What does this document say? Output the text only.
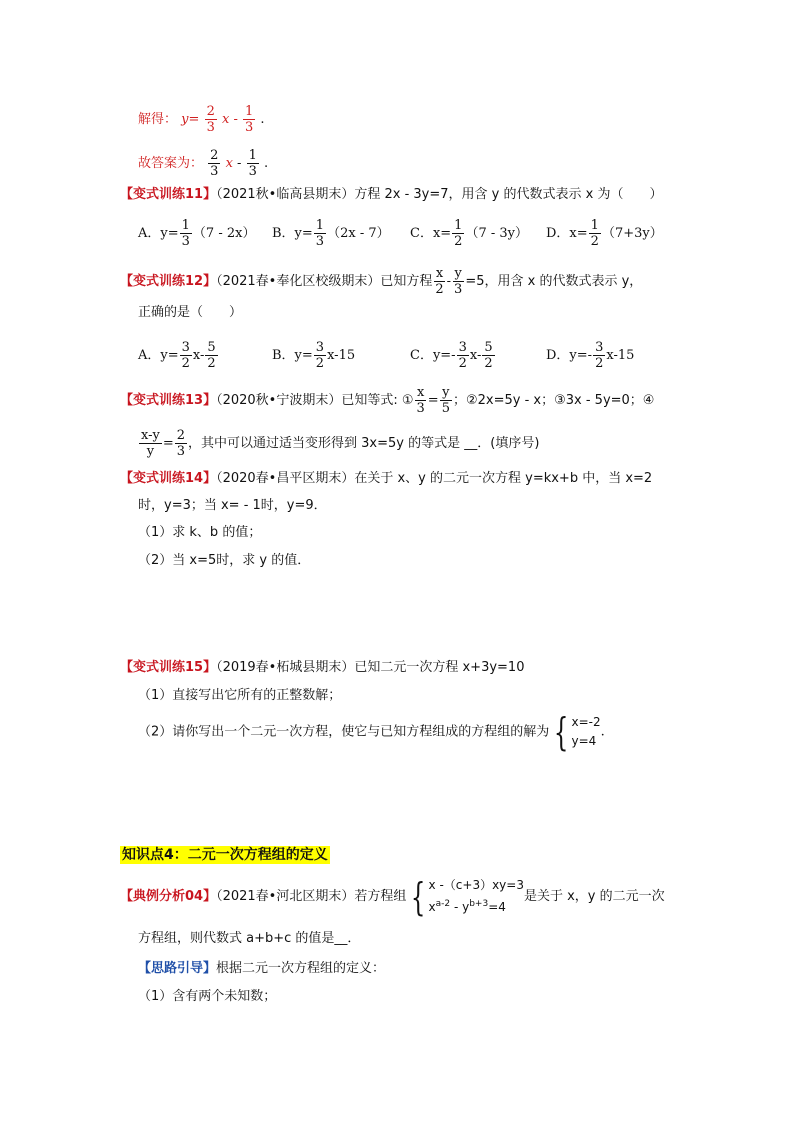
解得： $y= \frac{2}{3}$ x - $\frac{1}{3}$ .
故答案为： $\frac{2}{3}$ x - $\frac{1}{3}$ .
【变式训练11】（2021秋•临高县期末）方程 2x - 3y=7，用含 y 的代数式表示 x 为（　　）
A．$y= \frac{1}{3} (7 - 2x)$ B．$y= \frac{1}{3} (2x - 7)$ C．$x= \frac{1}{2} (7 - 3y)$ D．$x= \frac{1}{2} (7+3y)$
【变式训练12】（2021春•奉化区校级期末）已知方程 $\frac{x}{2} - \frac{y}{3} =5$，用含 x 的代数式表示 y，
正确的是（　　）
A．$y= \frac{3}{2} x- \frac{5}{2}$	B．$y= \frac{3}{2} x-15$	C．$y=- \frac{3}{2} x- \frac{5}{2}$	D．$y=- \frac{3}{2} x-15$
【变式训练13】（2020秋•宁波期末）已知等式: ① $\frac{x}{3} = \frac{y}{5}$ ；②2x=5y - x；③3x - 5y=0；④
$\frac{x-y}{y} = \frac{2}{3}$ ，其中可以通过适当变形得到 3x=5y 的等式是 __．(填序号)
【变式训练14】（2020春•昌平区期末）在关于 x、y 的二元一次方程 y=kx+b 中，当 x=2
时，y=3；当 x= - 1时，y=9．
（1）求 k、b 的值；
（2）当 x=5时，求 y 的值．
【变式训练15】（2019春•柘城县期末）已知二元一次方程 x+3y=10
（1）直接写出它所有的正整数解；
（2）请你写出一个二元一次方程，使它与已知方程组成的方程组的解为 { x=-2
y=4
.
知识点4：二元一次方程组的定义
【典例分析04】（2021春•河北区期末）若方程组 { x -（c+3）xy=3
$x^{a-2} - y^{b+3}=4$
是关于 x，y 的二元一次
方程组，则代数式 a+b+c 的值是__．
【思路引导】根据二元一次方程组的定义：
（1）含有两个未知数；
